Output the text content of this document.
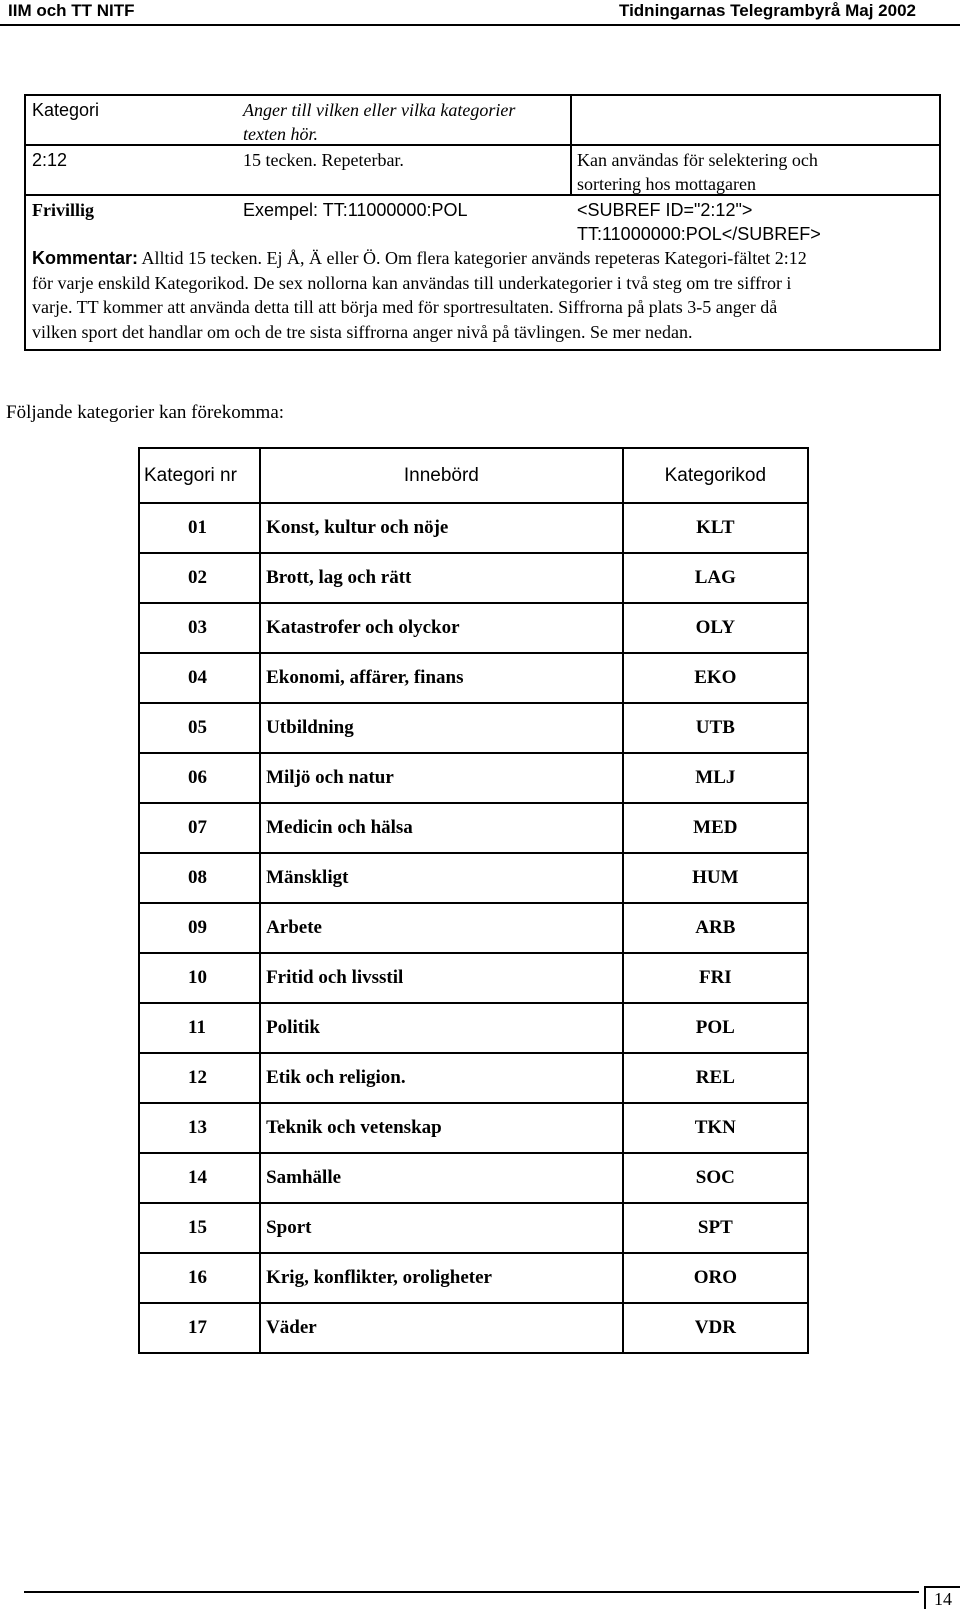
IIM och TT NITF	Tidningarnas Telegrambyrå Maj 2002
Kategori	Anger till vilken eller vilka kategorier
texten hör.
2:12	15 tecken. Repeterbar.	Kan användas för selektering och
sortering hos mottagaren
Frivillig	Exempel: TT:11000000:POL	<SUBREF ID="2:12">
TT:11000000:POL</SUBREF>
Kommentar: Alltid 15 tecken. Ej Å, Ä eller Ö. Om flera kategorier används repeteras Kategori-fältet 2:12
för varje enskild Kategorikod. De sex nollorna kan användas till underkategorier i två steg om tre siffror i
varje. TT kommer att använda detta till att börja med för sportresultaten. Siffrorna på plats 3-5 anger då
vilken sport det handlar om och de tre sista siffrorna anger nivå på tävlingen. Se mer nedan.
Följande kategorier kan förekomma:
Kategori nr	Innebörd	Kategorikod
01	Konst, kultur och nöje	KLT
02	Brott, lag och rätt	LAG
03	Katastrofer och olyckor	OLY
04	Ekonomi, affärer, finans	EKO
05	Utbildning	UTB
06	Miljö och natur	MLJ
07	Medicin och hälsa	MED
08	Mänskligt	HUM
09	Arbete	ARB
10	Fritid och livsstil	FRI
11	Politik	POL
12	Etik och religion.	REL
13	Teknik och vetenskap	TKN
14	Samhälle	SOC
15	Sport	SPT
16	Krig, konflikter, oroligheter	ORO
17	Väder	VDR
14
